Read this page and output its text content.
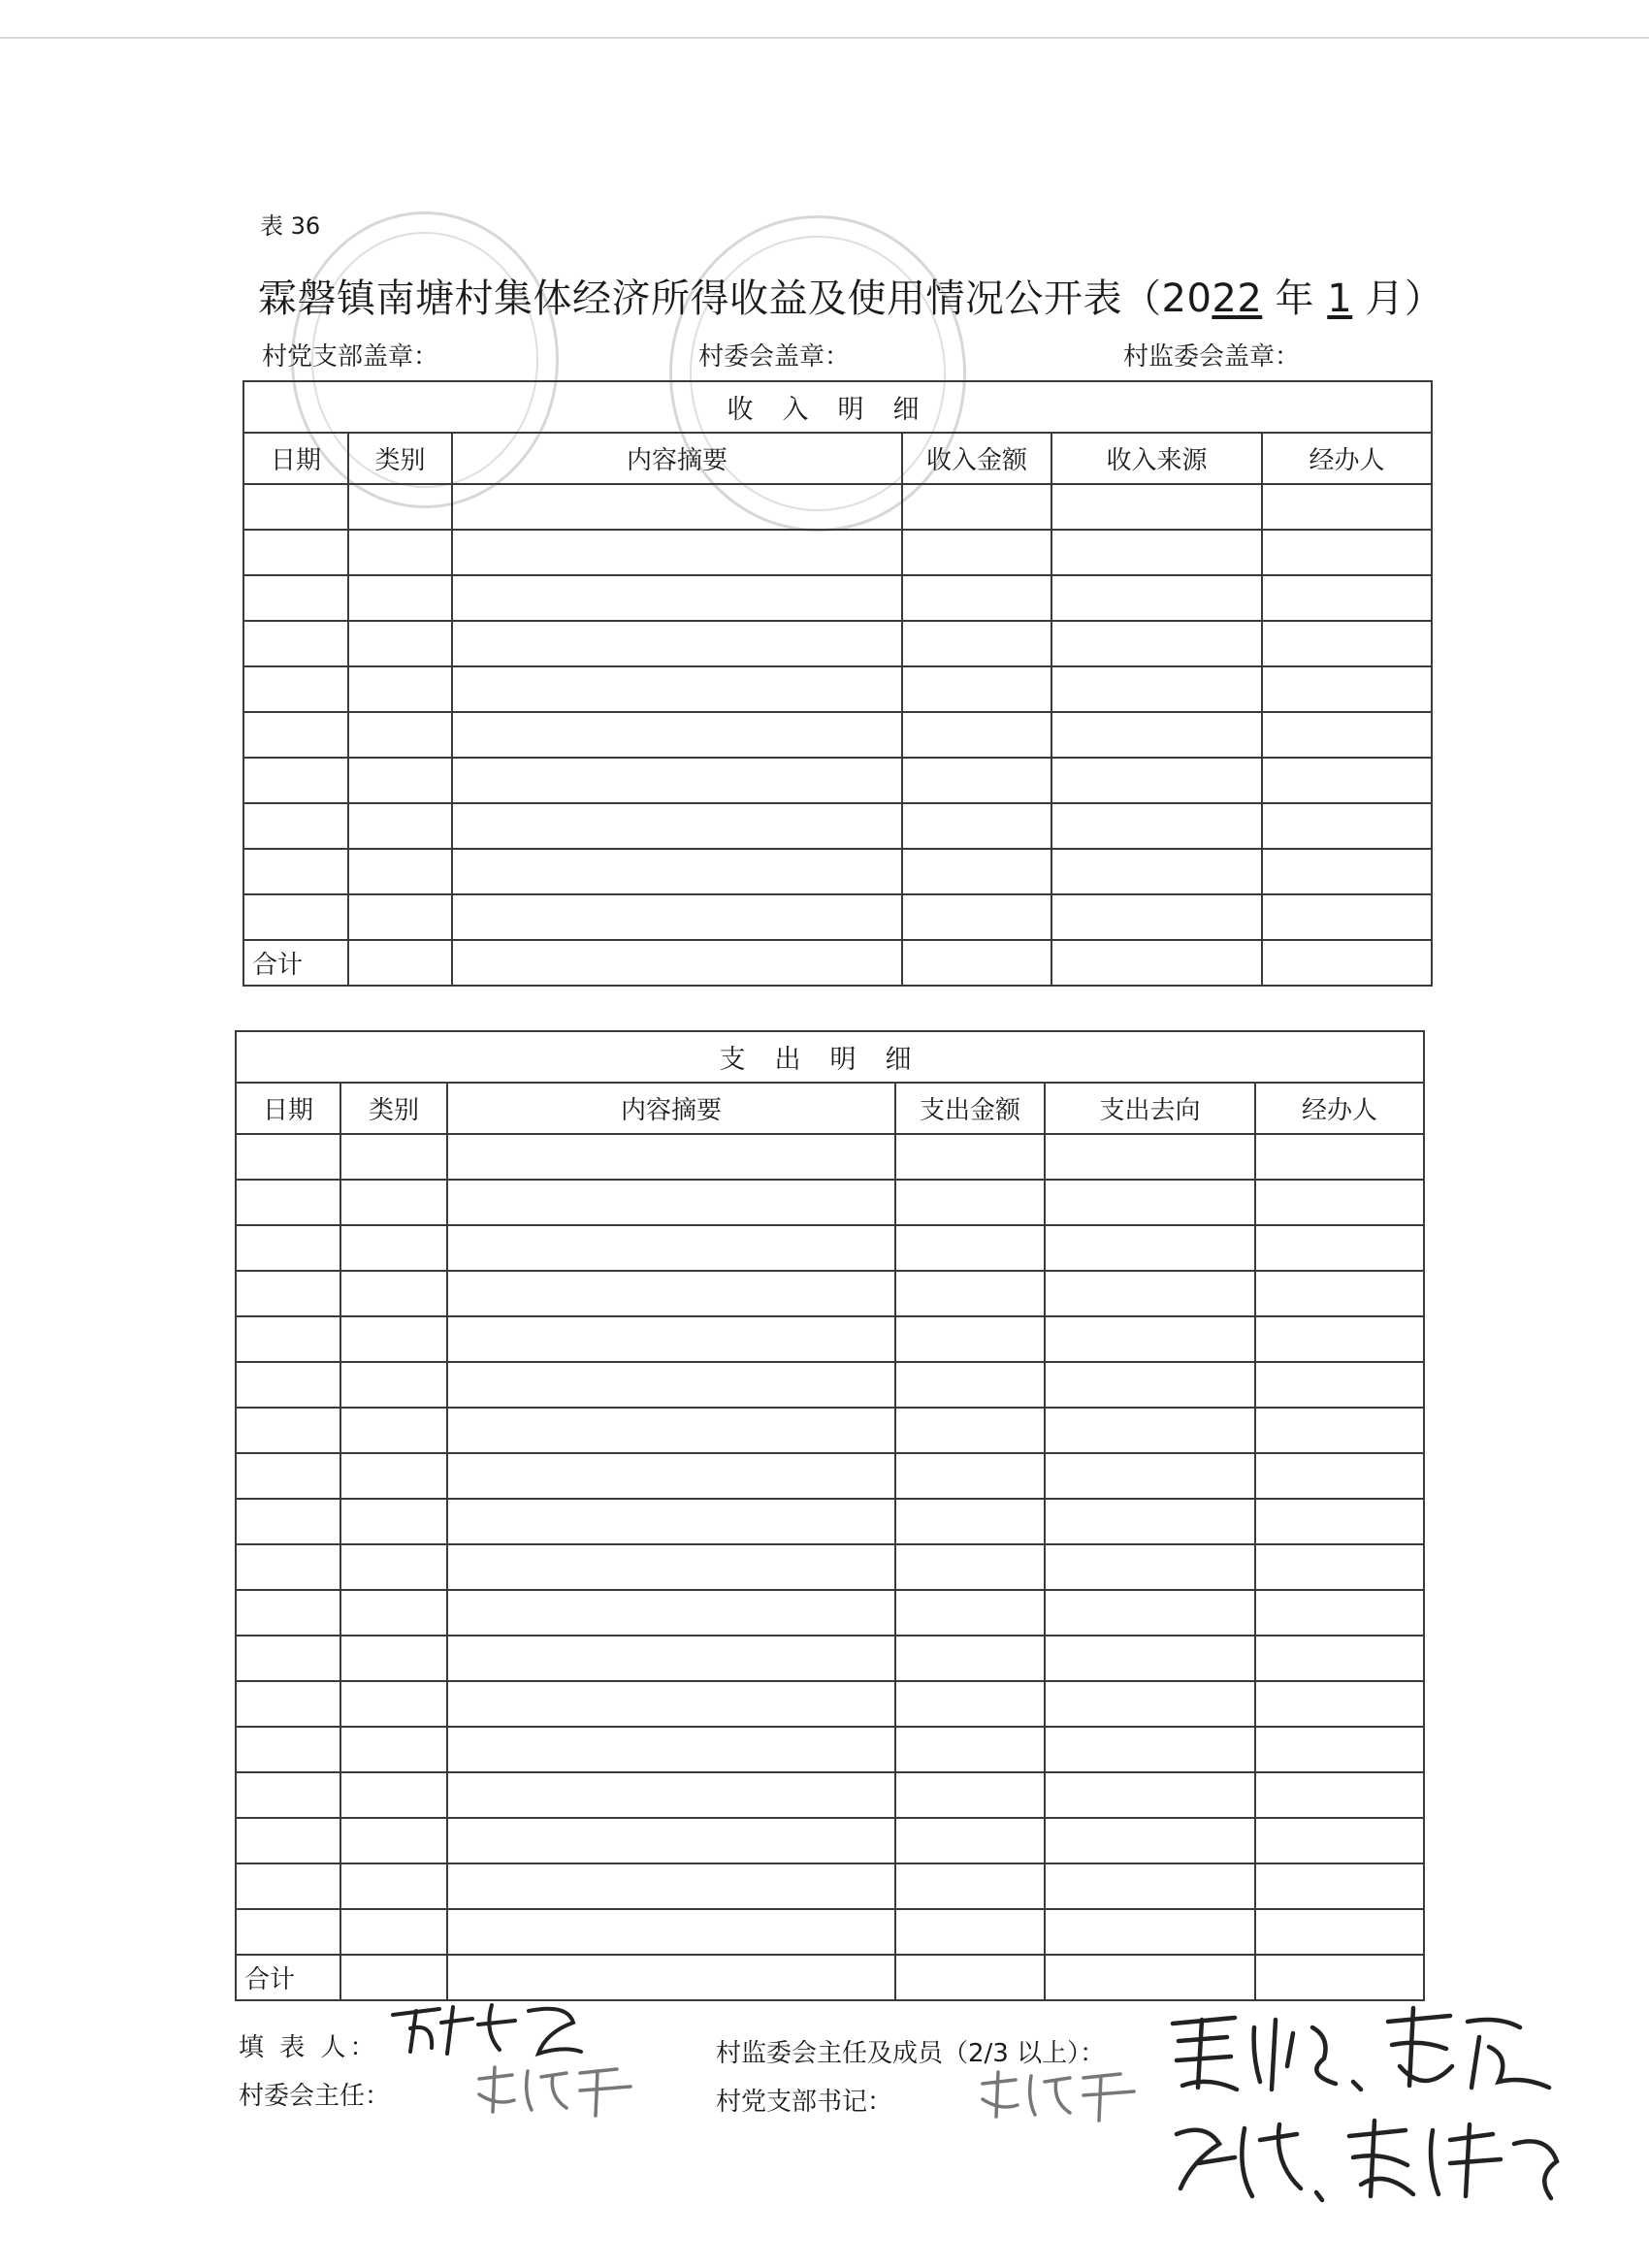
表 36
霖磐镇南塘村集体经济所得收益及使用情况公开表（2022 年 1 月）
村党支部盖章：	村委会盖章：	村监委会盖章：
收入明细					
日期	类别	内容摘要	收入金额	收入来源	经办人

合计					
支出明细					
日期	类别	内容摘要	支出金额	支出去向	经办人

合计					
填 表 人：
村委会主任：
村监委会主任及成员（2/3 以上）：
村党支部书记：
